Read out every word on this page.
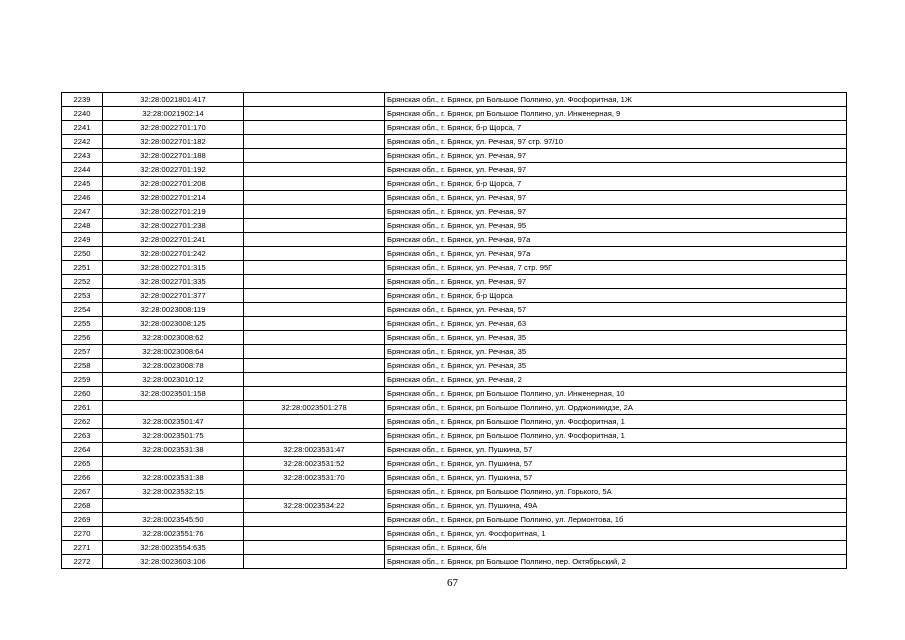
2239	32:28:0021801:417		Брянская обл., г. Брянск, рп Большое Полпино, ул. Фосфоритная, 1Ж
2240	32:28:0021902:14		Брянская обл., г. Брянск, рп Большое Полпино, ул. Инженерная, 9
2241	32:28:0022701:170		Брянская обл., г. Брянск, б-р Щорса, 7
2242	32:28:0022701:182		Брянская обл., г. Брянск, ул. Речная, 97 стр. 97/10
2243	32:28:0022701:188		Брянская обл., г. Брянск, ул. Речная, 97
2244	32:28:0022701:192		Брянская обл., г. Брянск, ул. Речная, 97
2245	32:28:0022701:208		Брянская обл., г. Брянск, б-р Щорса, 7
2246	32:28:0022701:214		Брянская обл., г. Брянск, ул. Речная, 97
2247	32:28:0022701:219		Брянская обл., г. Брянск, ул. Речная, 97
2248	32:28:0022701:238		Брянская обл., г. Брянск, ул. Речная, 95
2249	32:28:0022701:241		Брянская обл., г. Брянск, ул. Речная, 97а
2250	32:28:0022701:242		Брянская обл., г. Брянск, ул. Речная, 97а
2251	32:28:0022701:315		Брянская обл., г. Брянск, ул. Речная, 7 стр. 95Г
2252	32:28:0022701:335		Брянская обл., г. Брянск, ул. Речная, 97
2253	32:28:0022701:377		Брянская обл., г. Брянск, б-р Щорса
2254	32:28:0023008:119		Брянская обл., г. Брянск, ул. Речная, 57
2255	32:28:0023008:125		Брянская обл., г. Брянск, ул. Речная, 63
2256	32:28:0023008:62		Брянская обл., г. Брянск, ул. Речная, 35
2257	32:28:0023008:64		Брянская обл., г. Брянск, ул. Речная, 35
2258	32:28:0023008:78		Брянская обл., г. Брянск, ул. Речная, 35
2259	32:28:0023010:12		Брянская обл., г. Брянск, ул. Речная, 2
2260	32:28:0023501:158		Брянская обл., г. Брянск, рп Большое Полпино, ул. Инженерная, 10
2261		32:28:0023501:278	Брянская обл., г. Брянск, рп Большое Полпино, ул. Орджоникидзе, 2А
2262	32:28:0023501:47		Брянская обл., г. Брянск, рп Большое Полпино, ул. Фосфоритная, 1
2263	32:28:0023501:75		Брянская обл., г. Брянск, рп Большое Полпино, ул. Фосфоритная, 1
2264	32:28:0023531:38	32:28:0023531:47	Брянская обл., г. Брянск, ул. Пушкина, 57
2265		32:28:0023531:52	Брянская обл., г. Брянск, ул. Пушкина, 57
2266	32:28:0023531:38	32:28:0023531:70	Брянская обл., г. Брянск, ул. Пушкина, 57
2267	32:28:0023532:15		Брянская обл., г. Брянск, рп Большое Полпино, ул. Горького, 5А
2268		32:28:0023534:22	Брянская обл., г. Брянск, ул. Пушкина, 49А
2269	32:28:0023545:50		Брянская обл., г. Брянск, рп Большое Полпино, ул. Лермонтова, 1б
2270	32:28:0023551:76		Брянская обл., г. Брянск, ул. Фосфоритная, 1
2271	32:28:0023554:635		Брянская обл., г. Брянск, б/н
2272	32:28:0023603:106		Брянская обл., г. Брянск, рп Большое Полпино, пер. Октябрьский, 2
67
